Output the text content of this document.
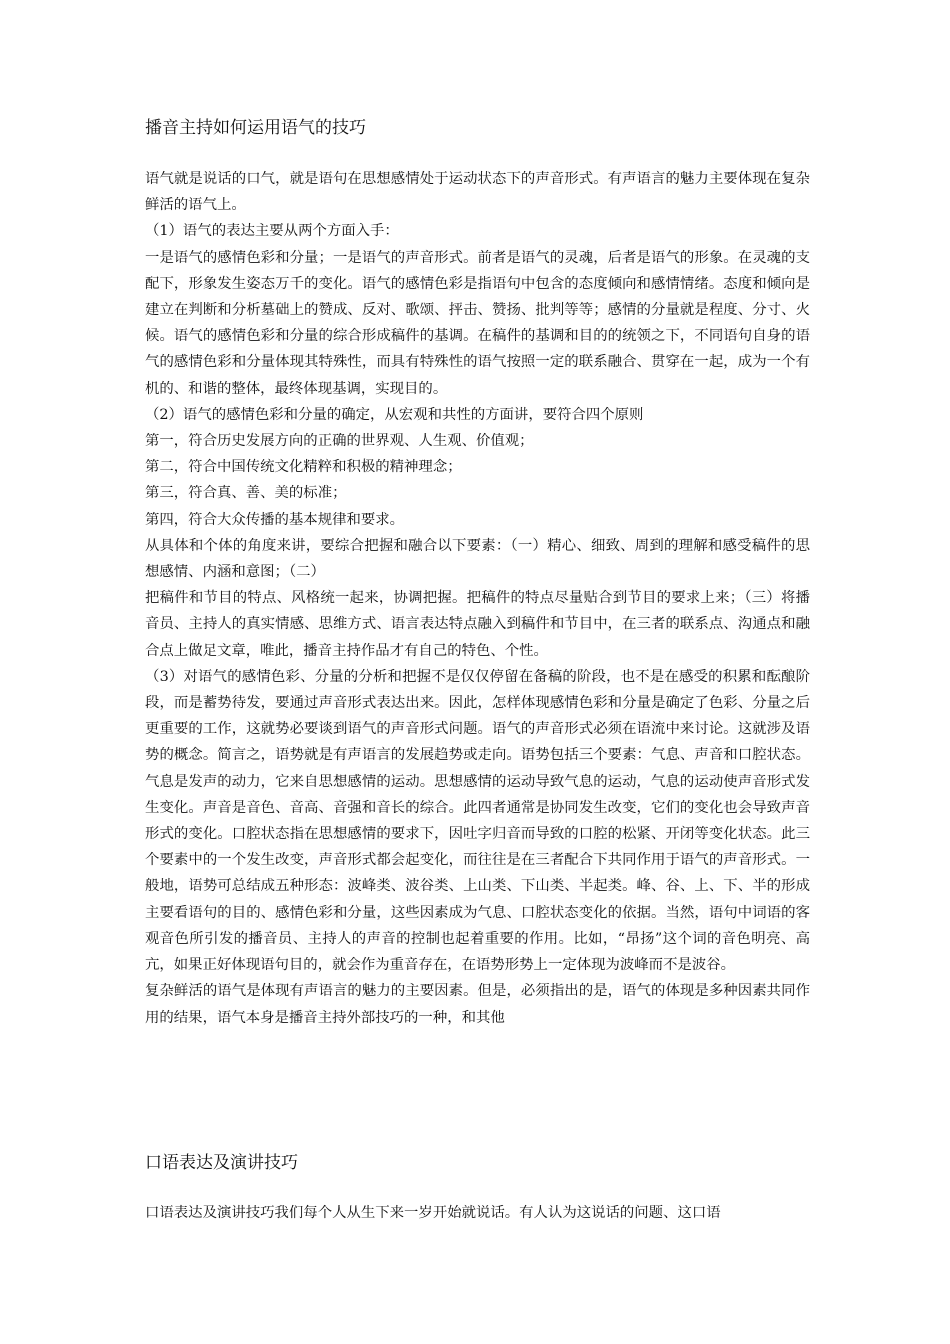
播音主持如何运用语气的技巧

语气就是说话的口气，就是语句在思想感情处于运动状态下的声音形式。有声语言的魅力主要体现在复杂鲜活的语气上。

（1）语气的表达主要从两个方面入手：

一是语气的感情色彩和分量；一是语气的声音形式。前者是语气的灵魂，后者是语气的形象。在灵魂的支配下，形象发生姿态万千的变化。语气的感情色彩是指语句中包含的态度倾向和感情情绪。态度和倾向是建立在判断和分析墓础上的赞成、反对、歌颂、抨击、赞扬、批判等等；感情的分量就是程度、分寸、火候。语气的感情色彩和分量的综合形成稿件的基调。在稿件的基调和目的的统领之下，不同语句自身的语气的感情色彩和分量体现其特殊性，而具有特殊性的语气按照一定的联系融合、贯穿在一起，成为一个有机的、和谐的整体，最终体现基调，实现目的。

（2）语气的感情色彩和分量的确定，从宏观和共性的方面讲，要符合四个原则

第一，符合历史发展方向的正确的世界观、人生观、价值观；

第二，符合中国传统文化精粹和积极的精神理念；

第三，符合真、善、美的标准；

第四，符合大众传播的基本规律和要求。

从具体和个体的角度来讲，要综合把握和融合以下要素：（一）精心、细致、周到的理解和感受稿件的思想感情、内涵和意图；（二）

把稿件和节目的特点、风格统一起来，协调把握。把稿件的特点尽量贴合到节目的要求上来；（三）将播音员、主持人的真实情感、思维方式、语言表达特点融入到稿件和节目中，在三者的联系点、沟通点和融合点上做足文章，唯此，播音主持作品才有自己的特色、个性。

（3）对语气的感情色彩、分量的分析和把握不是仅仅停留在备稿的阶段，也不是在感受的积累和酝酿阶段，而是蓄势待发，要通过声音形式表达出来。因此，怎样体现感情色彩和分量是确定了色彩、分量之后更重要的工作，这就势必要谈到语气的声音形式问题。语气的声音形式必须在语流中来讨论。这就涉及语势的概念。简言之，语势就是有声语言的发展趋势或走向。语势包括三个要素：气息、声音和口腔状态。气息是发声的动力，它来自思想感情的运动。思想感情的运动导致气息的运动，气息的运动使声音形式发生变化。声音是音色、音高、音强和音长的综合。此四者通常是协同发生改变，它们的变化也会导致声音形式的变化。口腔状态指在思想感情的要求下，因吐字归音而导致的口腔的松紧、开闭等变化状态。此三个要素中的一个发生改变，声音形式都会起变化，而往往是在三者配合下共同作用于语气的声音形式。一般地，语势可总结成五种形态：波峰类、波谷类、上山类、下山类、半起类。峰、谷、上、下、半的形成主要看语句的目的、感情色彩和分量，这些因素成为气息、口腔状态变化的依据。当然，语句中词语的客观音色所引发的播音员、主持人的声音的控制也起着重要的作用。比如，“昂扬”这个词的音色明亮、高亢，如果正好体现语句目的，就会作为重音存在，在语势形势上一定体现为波峰而不是波谷。

复杂鲜活的语气是体现有声语言的魅力的主要因素。但是，必须指出的是，语气的体现是多种因素共同作用的结果，语气本身是播音主持外部技巧的一种，和其他

口语表达及演讲技巧

口语表达及演讲技巧我们每个人从生下来一岁开始就说话。有人认为这说话的问题、这口语
